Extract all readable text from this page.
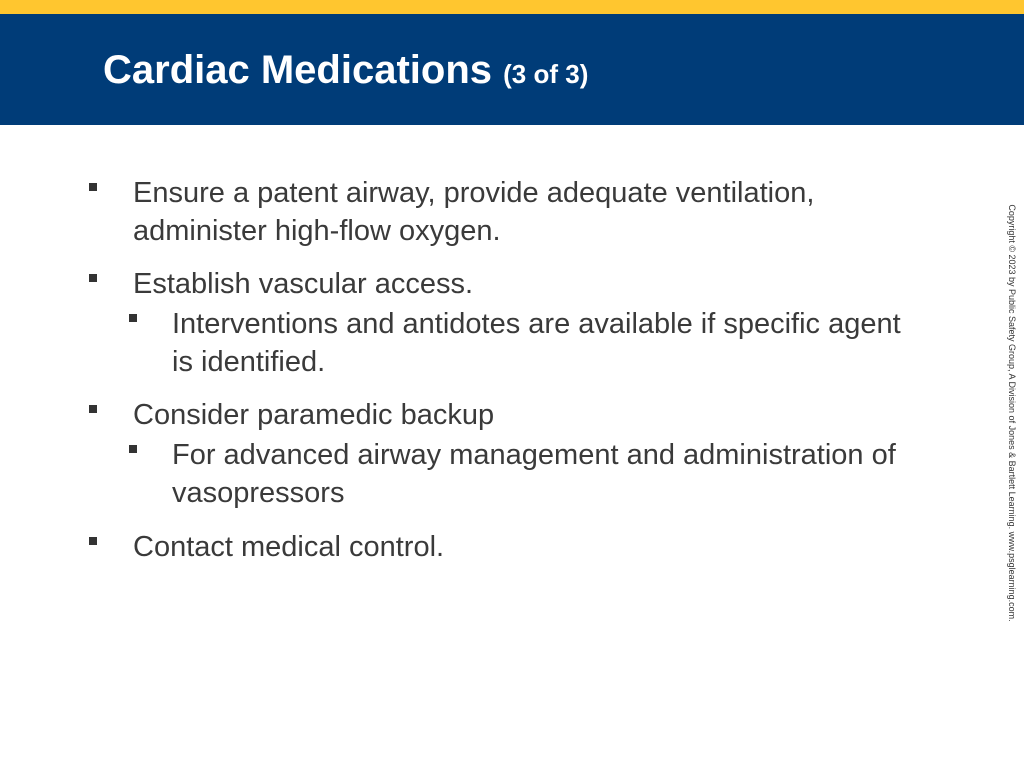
Cardiac Medications (3 of 3)
Ensure a patent airway, provide adequate ventilation, administer high-flow oxygen.
Establish vascular access.
Interventions and antidotes are available if specific agent is identified.
Consider paramedic backup
For advanced airway management and administration of vasopressors
Contact medical control.	Copyright © 2023 by Public Safety Group, A Division of Jones & Bartlett Learning. www.psglearning.com.
